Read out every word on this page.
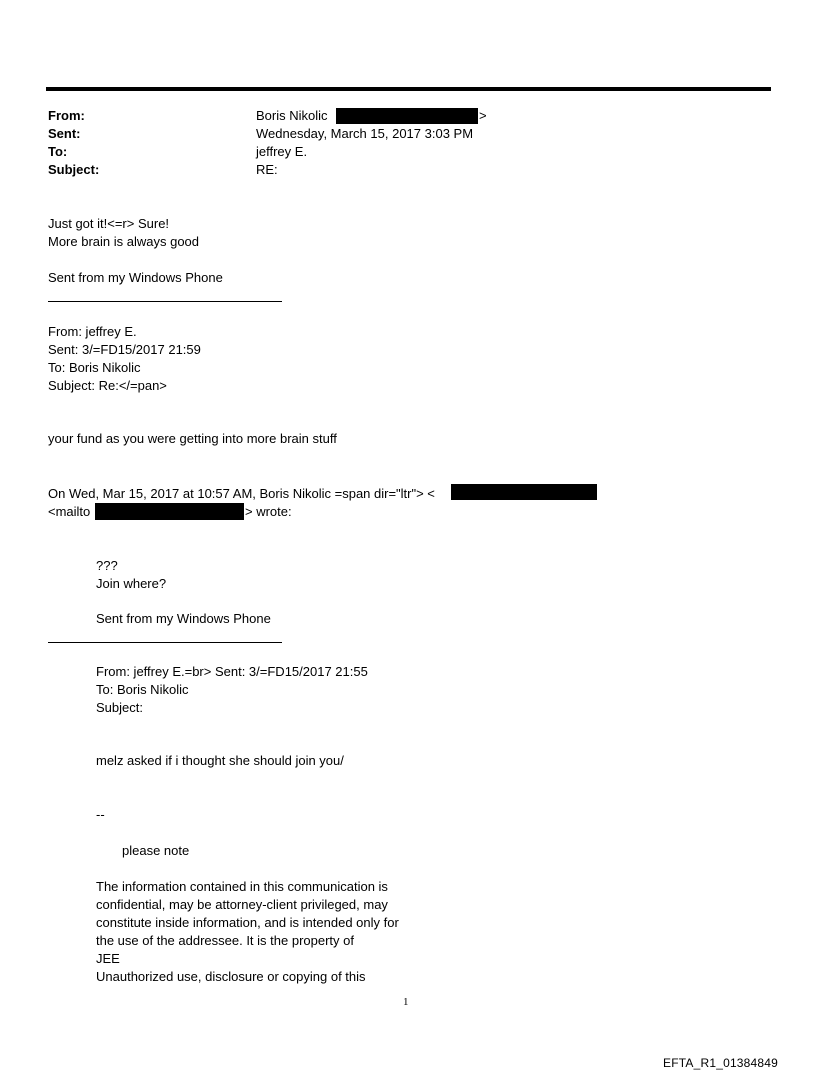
From:	Boris Nikolic	>
Sent:	Wednesday, March 15, 2017 3:03 PM
To:	jeffrey E.
Subject:	RE:
Just got it!<=r> Sure!
More brain is always good
Sent from my Windows Phone
From: jeffrey E.
Sent: 3/=FD15/2017 21:59
To: Boris Nikolic
Subject: Re:</=pan>
your fund as you were getting into more brain stuff
On Wed, Mar 15, 2017 at 10:57 AM, Boris Nikolic =span dir="ltr"> <
<mailto	> wrote:
???
Join where?
Sent from my Windows Phone
From: jeffrey E.=br> Sent: 3/=FD15/2017 21:55
To: Boris Nikolic
Subject:
melz asked if i thought she should join you/
--
please note
The information contained in this communication is
confidential, may be attorney-client privileged, may
constitute inside information, and is intended only for
the use of the addressee. It is the property of
JEE
Unauthorized use, disclosure or copying of this
1
EFTA_R1_01384849
